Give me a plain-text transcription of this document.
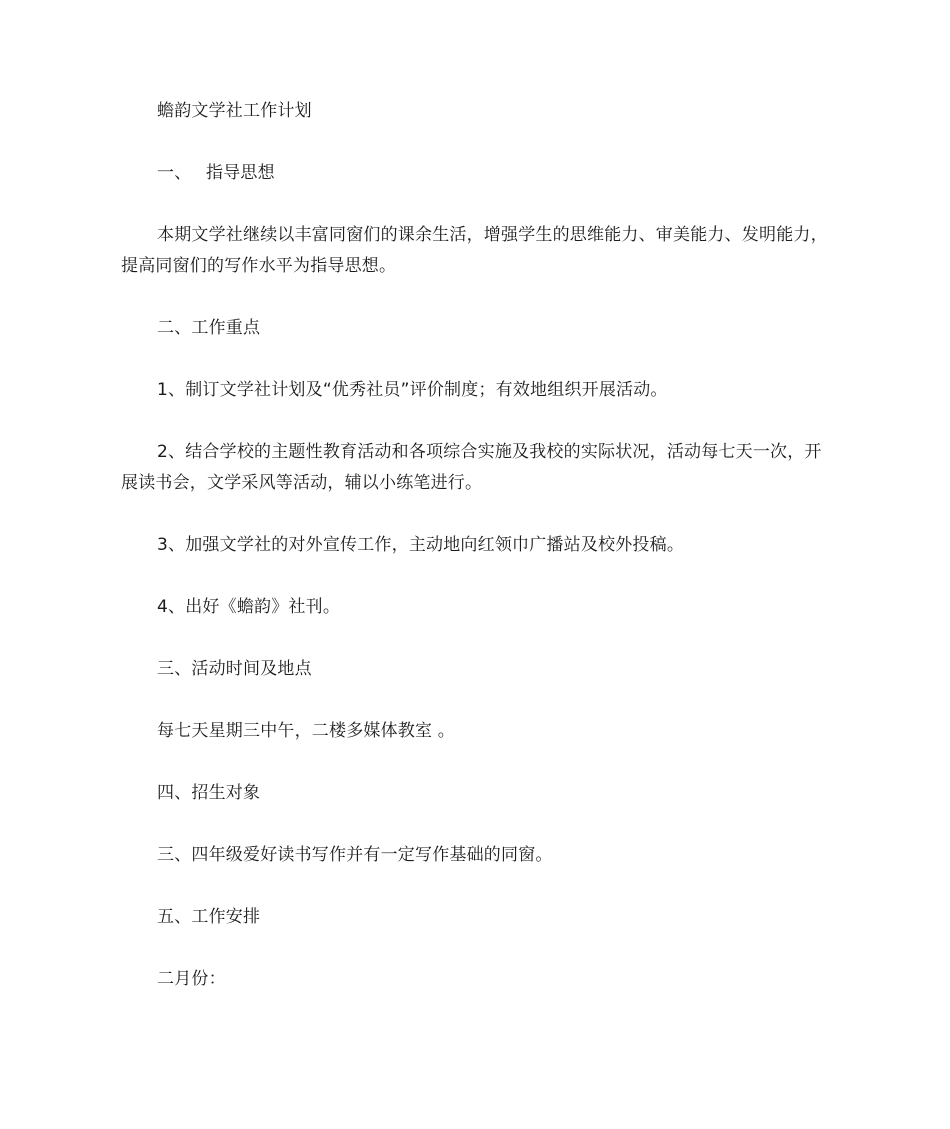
蟾韵文学社工作计划

一、 指导思想

本期文学社继续以丰富同窗们的课余生活，增强学生的思维能力、审美能力、发明能力，提高同窗们的写作水平为指导思想。

二、工作重点

1、制订文学社计划及“优秀社员”评价制度；有效地组织开展活动。

2、结合学校的主题性教育活动和各项综合实施及我校的实际状况，活动每七天一次，开展读书会，文学采风等活动，辅以小练笔进行。

3、加强文学社的对外宣传工作，主动地向红领巾广播站及校外投稿。

4、出好《蟾韵》社刊。

三、活动时间及地点

每七天星期三中午，二楼多媒体教室 。

四、招生对象

三、四年级爱好读书写作并有一定写作基础的同窗。

五、工作安排

二月份：
